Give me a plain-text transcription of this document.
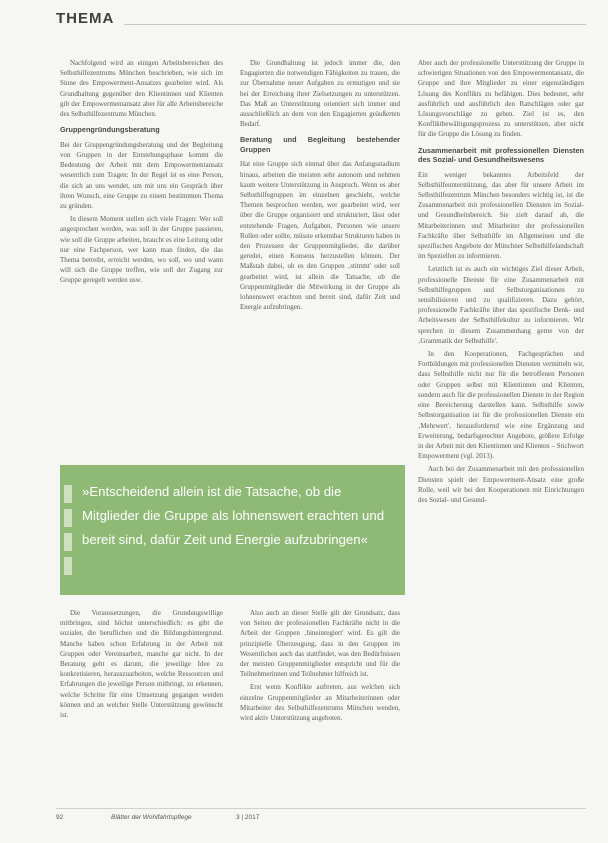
THEMA

Nachfolgend wird an einigen Arbeitsbereichen des Selbsthilfezentrums München beschrieben, wie sich im Sinne des Empowerment-Ansatzes gearbeitet wird. Als Grundhaltung gegenüber den Klientinnen und Klienten gilt der Empowermentansatz aber für alle Arbeitsbereiche des Selbsthilfezentrums München.

Gruppengründungsberatung

Bei der Gruppengründungsberatung und der Begleitung von Gruppen in der Entstehungsphase kommt die Bedeutung der Arbeit mit dem Empowermentansatz wesentlich zum Tragen: In der Regel ist es eine Person, die sich an uns wendet, um mit uns ein Gespräch über ihren Wunsch, eine Gruppe zu einem bestimmten Thema zu gründen.

In diesem Moment stellen sich viele Fragen: Wer soll angesprochen werden, was soll in der Gruppe passieren, wie soll die Gruppe arbeiten, braucht es eine Leitung oder nur eine Fachperson, wer kann man finden, die das Thema betreibt, erreicht werden, wo soll, wo und wann will sich die Gruppe treffen, wie soll der Zugang zur Gruppe geregelt werden usw.

Die Grundhaltung ist jedoch immer die, den Engagierten die notwendigen Fähigkeiten zu trauen, die zur Übernahme neuer Aufgaben zu ermutigen und sie bei der Erreichung ihrer Zielsetzungen zu unterstützen. Das Maß an Unterstützung orientiert sich immer und ausschließlich an dem von den Engagierten geäußerten Bedarf.

Beratung und Begleitung bestehender Gruppen

Hat eine Gruppe sich einmal über das Anfangsstadium hinaus, arbeiten die meisten sehr autonom und nehmen kaum weitere Unterstützung in Anspruch. Wenn es aber Selbsthilfegruppen im einzelnen geschieht, welche Themen besprochen werden, wer gearbeitet wird, wer über die Gruppe organisiert und strukturiert, lässt oder entstehende Fragen, Aufgaben, Personen wie unsere Rollen oder sollte, müsste erkennbar Strukturen haben in den Prozessen der Gruppenmitglieder, die darüber geredet, einen Konsens herzustellen können. Der Maßstab dabei, ob es den Gruppen ‚stimmt' oder soll gearbeitet wird, ist allein die Tatsache, ob die Gruppenmitglieder die Mitwirkung in der Gruppe als lohnenswert erachten und bereit sind, dafür Zeit und Energie aufzubringen.

Aber auch der professionelle Unterstützung der Gruppe in schwierigen Situationen von den Empowermentansatz, die Gruppe und ihre Mitglieder zu einer eigenständigen Lösung des Konflikts zu befähigen. Dies bedeutet, sehr ausführlich und ausführlich den Ratschlägen oder gar Lösungsvorschläge zu geben. Ziel ist es, den Konfliktbewältigungsprozess zu unterstützen, aber nicht für die Gruppe die Lösung zu finden.

Zusammenarbeit mit professionellen Diensten des Sozial- und Gesundheitswesens

Ein weniger bekanntes Arbeitsfeld der Selbsthilfeunterstützung, das aber für unsere Arbeit im Selbsthilfezentrum München besonders wichtig ist, ist die Zusammenarbeit mit professionellen Diensten im Sozial- und Gesundheitsbereich. Sie zielt darauf ab, die Mitarbeiterinnen und Mitarbeiter der professionellen Fachkräfte über Selbsthilfe im Allgemeinen und die spezifischen Angebote der Münchner Selbsthilfelandschaft im Speziellen zu informieren.

Letztlich ist es auch ein wichtiges Ziel dieser Arbeit, professionelle Dienste für eine Zusammenarbeit mit Selbsthilfegruppen und Selbstorganisationen zu sensibilisieren und zu qualifizieren. Dazu gehört, professionelle Fachkräfte über das spezifische Denk- und Arbeitswesen der Selbsthilfekultur zu informieren. Wir sprechen in diesem Zusammenhang gerne von der ‚Grammatik der Selbsthilfe'.

In den Kooperationen, Fachgesprächen und Fortbildungen mit professionellen Diensten vermitteln wir, dass Selbsthilfe nicht nur für die betroffenen Personen oder Gruppen selbst mit Klientinnen und Klienten, sondern auch für die professionellen Dienste in der Region eine Bereicherung darstellen kann. Selbsthilfe sowie Selbstorganisation ist für die professionellen Dienste ein ‚Mehrwert', herausfordernd wie eine Ergänzung und Erweiterung, bedarfsgerechter Angebote, größere Erfolge in der Arbeit mit den Klientinnen und Klienten – Stichwort Empowerment (vgl. 2013).

Auch bei der Zusammenarbeit mit den professionellen Diensten spielt der Empowerment-Ansatz eine große Rolle, weil wir bei den Kooperationen mit Einrichtungen des Sozial- und Gesund-

»Entscheidend allein ist die Tatsache, ob die Mitglieder die Gruppe als lohnenswert erachten und bereit sind, dafür Zeit und Energie aufzubringen«

Die Voraussetzungen, die Grundungswillige mitbringen, sind höchst unterschiedlich: es gibt die sozialer, die beruflichen und die Bildungshintergrund. Manche haben schon Erfahrung in der Arbeit mit Gruppen oder Vereinsarbeit, manche gar nicht. In der Beratung geht es darum, die jeweilige Idee zu konkretisieren, herauszuarbeiten, welche Ressourcen und Erfahrungen die jeweilige Person mitbringt, zu erkennen, welche Schritte für eine Umsetzung gegangen werden können und an welcher Stelle Unterstützung gewünscht ist.

Also auch an dieser Stelle gilt der Grundsatz, dass von Seiten der professionellen Fachkräfte nicht in die Arbeit der Gruppen ‚hineinregiert' wird. Es gilt die prinzipielle Überzeugung, dass in den Gruppen im Wesentlichen auch das stattfindet, was den Bedürfnissen der meisten Gruppenmitglieder entspricht und für die Teilnehmerinnen und Teilnehmer hilfreich ist.

Erst wenn Konflikte auftreten, aus welchen sich einzelne Gruppenmitglieder an Mitarbeiterinnen oder Mitarbeiter des Selbsthilfezentrums München wenden, wird aktiv Unterstützung angeboten.

92	Blätter der Wohlfahrtspflege	3 | 2017
